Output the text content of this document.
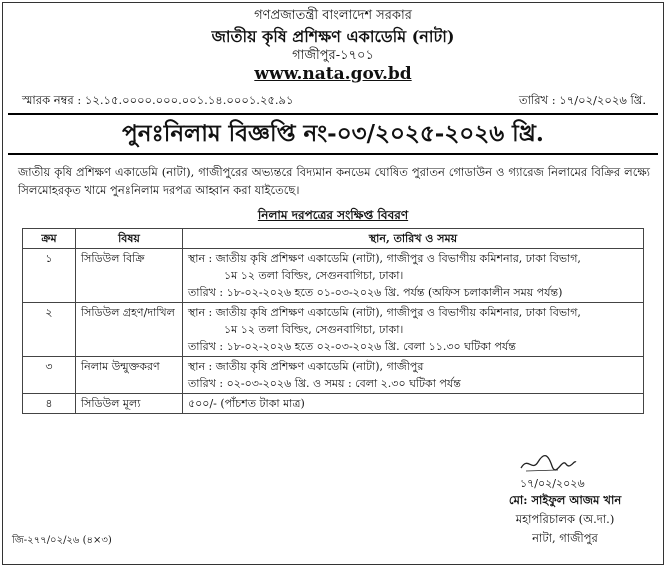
গণপ্রজাতন্ত্রী বাংলাদেশ সরকার
জাতীয় কৃষি প্রশিক্ষণ একাডেমি (নাটা)
গাজীপুর-১৭০১
www.nata.gov.bd
স্মারক নম্বর : ১২.১৫.০০০০.০০০.০০১.১৪.০০০১.২৫.৯১	তারিখ : ১৭/০২/২০২৬ খ্রি.
পুনঃনিলাম বিজ্ঞপ্তি নং-০৩/২০২৫-২০২৬ খ্রি.
জাতীয় কৃষি প্রশিক্ষণ একাডেমি (নাটা), গাজীপুরের অভ্যন্তরে বিদ্যমান কনডেম ঘোষিত পুরাতন গোডাউন ও গ্যারেজ নিলামের বিক্রির লক্ষ্যে সিলমোহরকৃত খামে পুনঃনিলাম দরপত্র আহ্বান করা যাইতেছে।
নিলাম দরপত্রের সংক্ষিপ্ত বিবরণ
ক্রম	বিষয়	স্থান, তারিখ ও সময়
১	সিডিউল বিক্রি	স্থান : জাতীয় কৃষি প্রশিক্ষণ একাডেমি (নাটা), গাজীপুর ও বিভাগীয় কমিশনার, ঢাকা বিভাগ,
১ম ১২ তলা বিল্ডিং, সেগুনবাগিচা, ঢাকা।
তারিখ : ১৮-০২-২০২৬ হতে ০১-০৩-২০২৬ খ্রি. পর্যন্ত (অফিস চলাকালীন সময় পর্যন্ত)

২	সিডিউল গ্রহণ/দাখিল	স্থান : জাতীয় কৃষি প্রশিক্ষণ একাডেমি (নাটা), গাজীপুর ও বিভাগীয় কমিশনার, ঢাকা বিভাগ,
১ম ১২ তলা বিল্ডিং, সেগুনবাগিচা, ঢাকা।
তারিখ : ১৮-০২-২০২৬ হতে ০২-০৩-২০২৬ খ্রি. বেলা ১১.৩০ ঘটিকা পর্যন্ত

৩	নিলাম উন্মুক্তকরণ	স্থান : জাতীয় কৃষি প্রশিক্ষণ একাডেমি (নাটা), গাজীপুর
তারিখ : ০২-০৩-২০২৬ খ্রি. ও সময় : বেলা ২.৩০ ঘটিকা পর্যন্ত

৪	সিডিউল মূল্য	৫০০/- (পাঁচশত টাকা মাত্র)
১৭/০২/২০২৬
মো: সাইফুল আজম খান
মহাপরিচালক (অ.দা.)
নাটা, গাজীপুর
জি-২৭৭/০২/২৬ (৪×৩)
